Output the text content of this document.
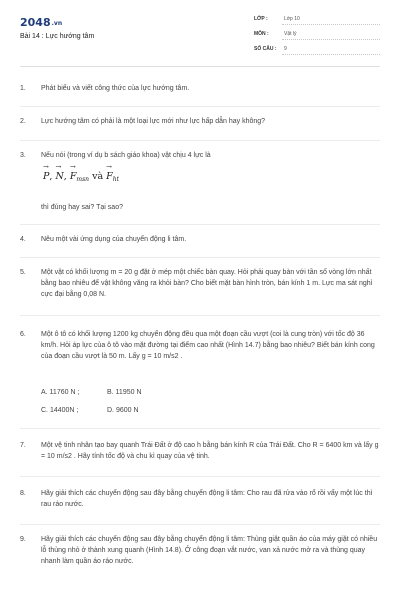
2048.vn
Bài 14 : Lực hướng tâm
LỚP :	Lớp 10
MÔN :	Vật lý
SỐ CÂU : 9
1.	Phát biểu và viết công thức của lực hướng tâm.
2.	Lực hướng tâm có phải là một loại lực mới như lực hấp dẫn hay không?
3.	Nếu nói (trong ví dụ b sách giáo khoa) vật chịu 4 lực là
P
→
, N
→
, $F_{msn}$
→
và $F_{ht}$
→
thì đúng hay sai? Tại sao?
4.	Nêu một vài ứng dụng của chuyển động li tâm.
5.	Một vật có khối lượng m = 20 g đặt ở mép một chiếc bàn quay. Hỏi phải quay bàn với tần số vòng lớn nhất bằng bao nhiêu để vật không văng ra khỏi bàn? Cho biết mặt bàn hình tròn, bán kính 1 m. Lực ma sát nghỉ cực đại bằng 0,08 N.
6.	Một ô tô có khối lượng 1200 kg chuyển động đều qua một đoạn cầu vượt (coi là cung tròn) với tốc độ 36 km/h. Hỏi áp lực của ô tô vào mặt đường tại điểm cao nhất (Hình 14.7) bằng bao nhiêu? Biết bán kính cong của đoạn cầu vượt là 50 m. Lấy g = 10 m/s2 .
A. 11760 N ;	B. 11950 N
C. 14400N ;	D. 9600 N
7.	Một vệ tinh nhân tạo bay quanh Trái Đất ở độ cao h bằng bán kính R của Trái Đất. Cho R = 6400 km và lấy g = 10 m/s2 . Hãy tính tốc độ và chu kì quay của vệ tinh.
8.	Hãy giải thích các chuyển động sau đây bằng chuyển động li tâm: Cho rau đã rửa vào rổ rồi vẩy một lúc thì rau ráo nước.
9.	Hãy giải thích các chuyển động sau đây bằng chuyển động li tâm: Thùng giặt quần áo của máy giặt có nhiều lỗ thủng nhỏ ở thành xung quanh (Hình 14.8). Ở công đoạn vắt nước, van xả nước mở ra và thùng quay nhanh làm quần áo ráo nước.
